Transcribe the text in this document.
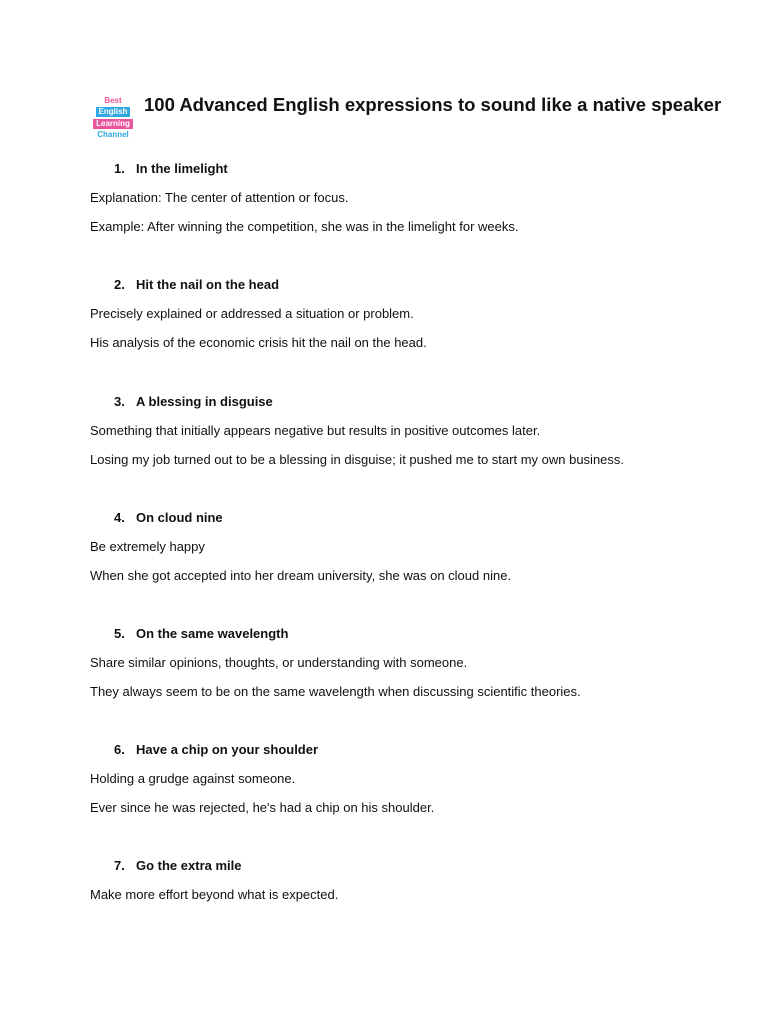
Best
English
Learning
Channel
100 Advanced English expressions to sound like a native speaker
1. In the limelight
Explanation: The center of attention or focus.
Example: After winning the competition, she was in the limelight for weeks.
2. Hit the nail on the head
Precisely explained or addressed a situation or problem.
His analysis of the economic crisis hit the nail on the head.
3. A blessing in disguise
Something that initially appears negative but results in positive outcomes later.
Losing my job turned out to be a blessing in disguise; it pushed me to start my own business.
4. On cloud nine
Be extremely happy
When she got accepted into her dream university, she was on cloud nine.
5. On the same wavelength
Share similar opinions, thoughts, or understanding with someone.
They always seem to be on the same wavelength when discussing scientific theories.
6. Have a chip on your shoulder
Holding a grudge against someone.
Ever since he was rejected, he's had a chip on his shoulder.
7. Go the extra mile
Make more effort beyond what is expected.
